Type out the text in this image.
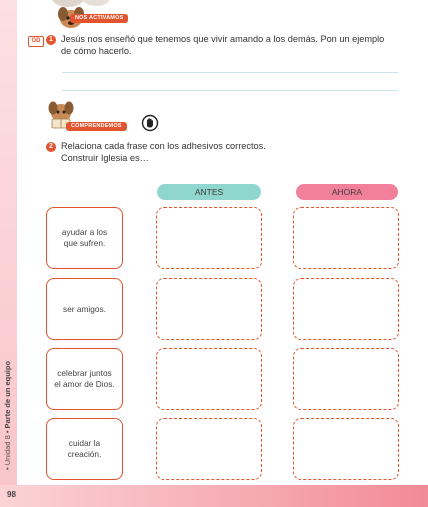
NOS ACTIVAMOS
OD	1 Jesús nos enseñó que tenemos que vivir amando a los demás. Pon un ejemplo
de cómo hacerlo.
COMPRENDEMOS
2 Relaciona cada frase con los adhesivos correctos.
Construir Iglesia es…
ANTES	AHORA
ayudar a los
que sufren.
ser amigos.
celebrar juntos
el amor de Dios.
cuidar la
creación.
• Unidad 8 • Parte de un equipo
98
